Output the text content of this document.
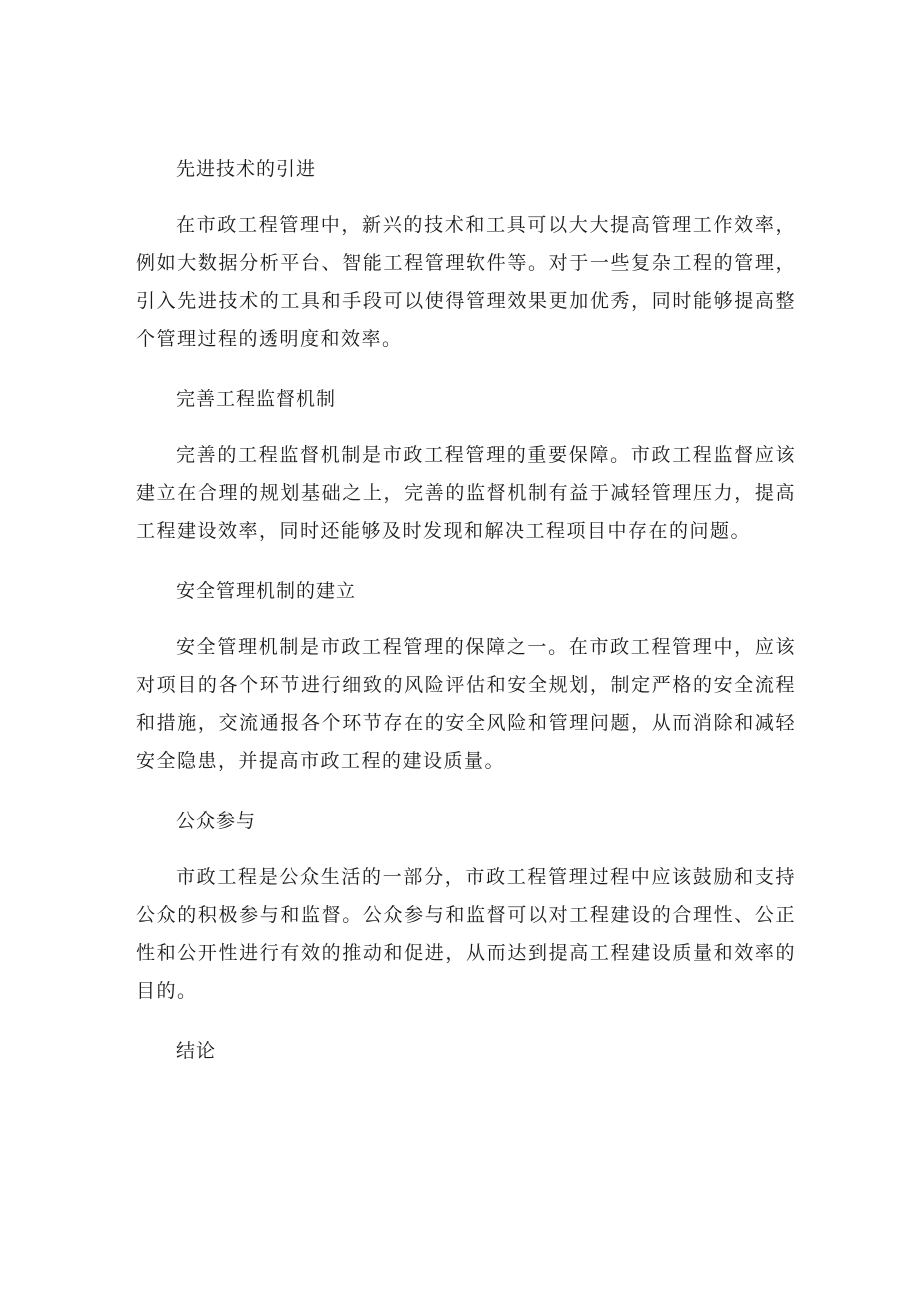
先进技术的引进
在市政工程管理中，新兴的技术和工具可以大大提高管理工作效率，例如大数据分析平台、智能工程管理软件等。对于一些复杂工程的管理，引入先进技术的工具和手段可以使得管理效果更加优秀，同时能够提高整个管理过程的透明度和效率。
完善工程监督机制
完善的工程监督机制是市政工程管理的重要保障。市政工程监督应该建立在合理的规划基础之上，完善的监督机制有益于减轻管理压力，提高工程建设效率，同时还能够及时发现和解决工程项目中存在的问题。
安全管理机制的建立
安全管理机制是市政工程管理的保障之一。在市政工程管理中，应该对项目的各个环节进行细致的风险评估和安全规划，制定严格的安全流程和措施，交流通报各个环节存在的安全风险和管理问题，从而消除和减轻安全隐患，并提高市政工程的建设质量。
公众参与
市政工程是公众生活的一部分，市政工程管理过程中应该鼓励和支持公众的积极参与和监督。公众参与和监督可以对工程建设的合理性、公正性和公开性进行有效的推动和促进，从而达到提高工程建设质量和效率的目的。
结论
